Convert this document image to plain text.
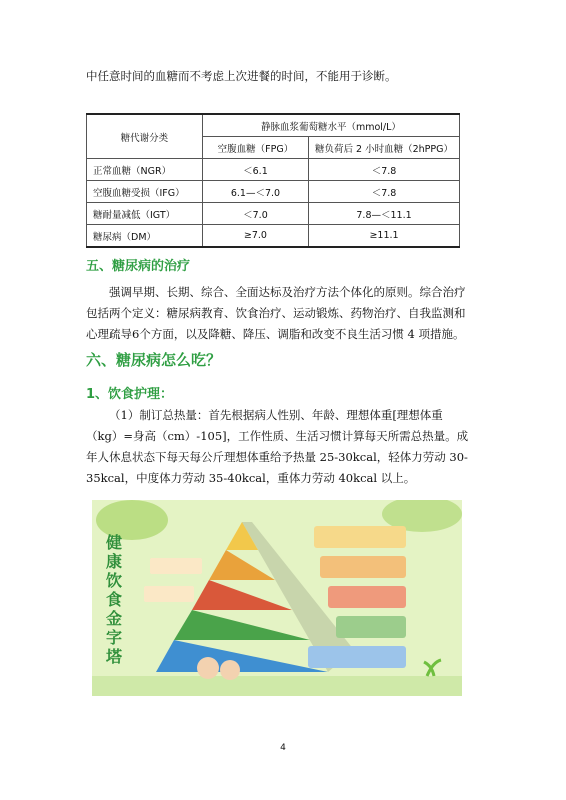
中任意时间的血糖而不考虑上次进餐的时间，不能用于诊断。
糖代谢分类	静脉血浆葡萄糖水平（mmol/L）	
	空腹血糖（FPG）	糖负荷后 2 小时血糖（2hPPG）
正常血糖（NGR）	＜6.1	＜7.8
空腹血糖受损（IFG）	6.1—＜7.0	＜7.8
糖耐量减低（IGT）	＜7.0	7.8—＜11.1
糖尿病（DM）	≥7.0	≥11.1
五、糖尿病的治疗
强调早期、长期、综合、全面达标及治疗方法个体化的原则。综合治疗包括两个定义：糖尿病教育、饮食治疗、运动锻炼、药物治疗、自我监测和心理疏导6个方面，以及降糖、降压、调脂和改变不良生活习惯 4 项措施。
六、糖尿病怎么吃？
1、饮食护理：
（1）制订总热量：首先根据病人性别、年龄、理想体重[理想体重（kg）=身高（cm）-105]，工作性质、生活习惯计算每天所需总热量。成年人休息状态下每天每公斤理想体重给予热量 25-30kcal，轻体力劳动 30-35kcal，中度体力劳动 35-40kcal，重体力劳动 40kcal 以上。
健
康
饮
食
金
字
塔
4
